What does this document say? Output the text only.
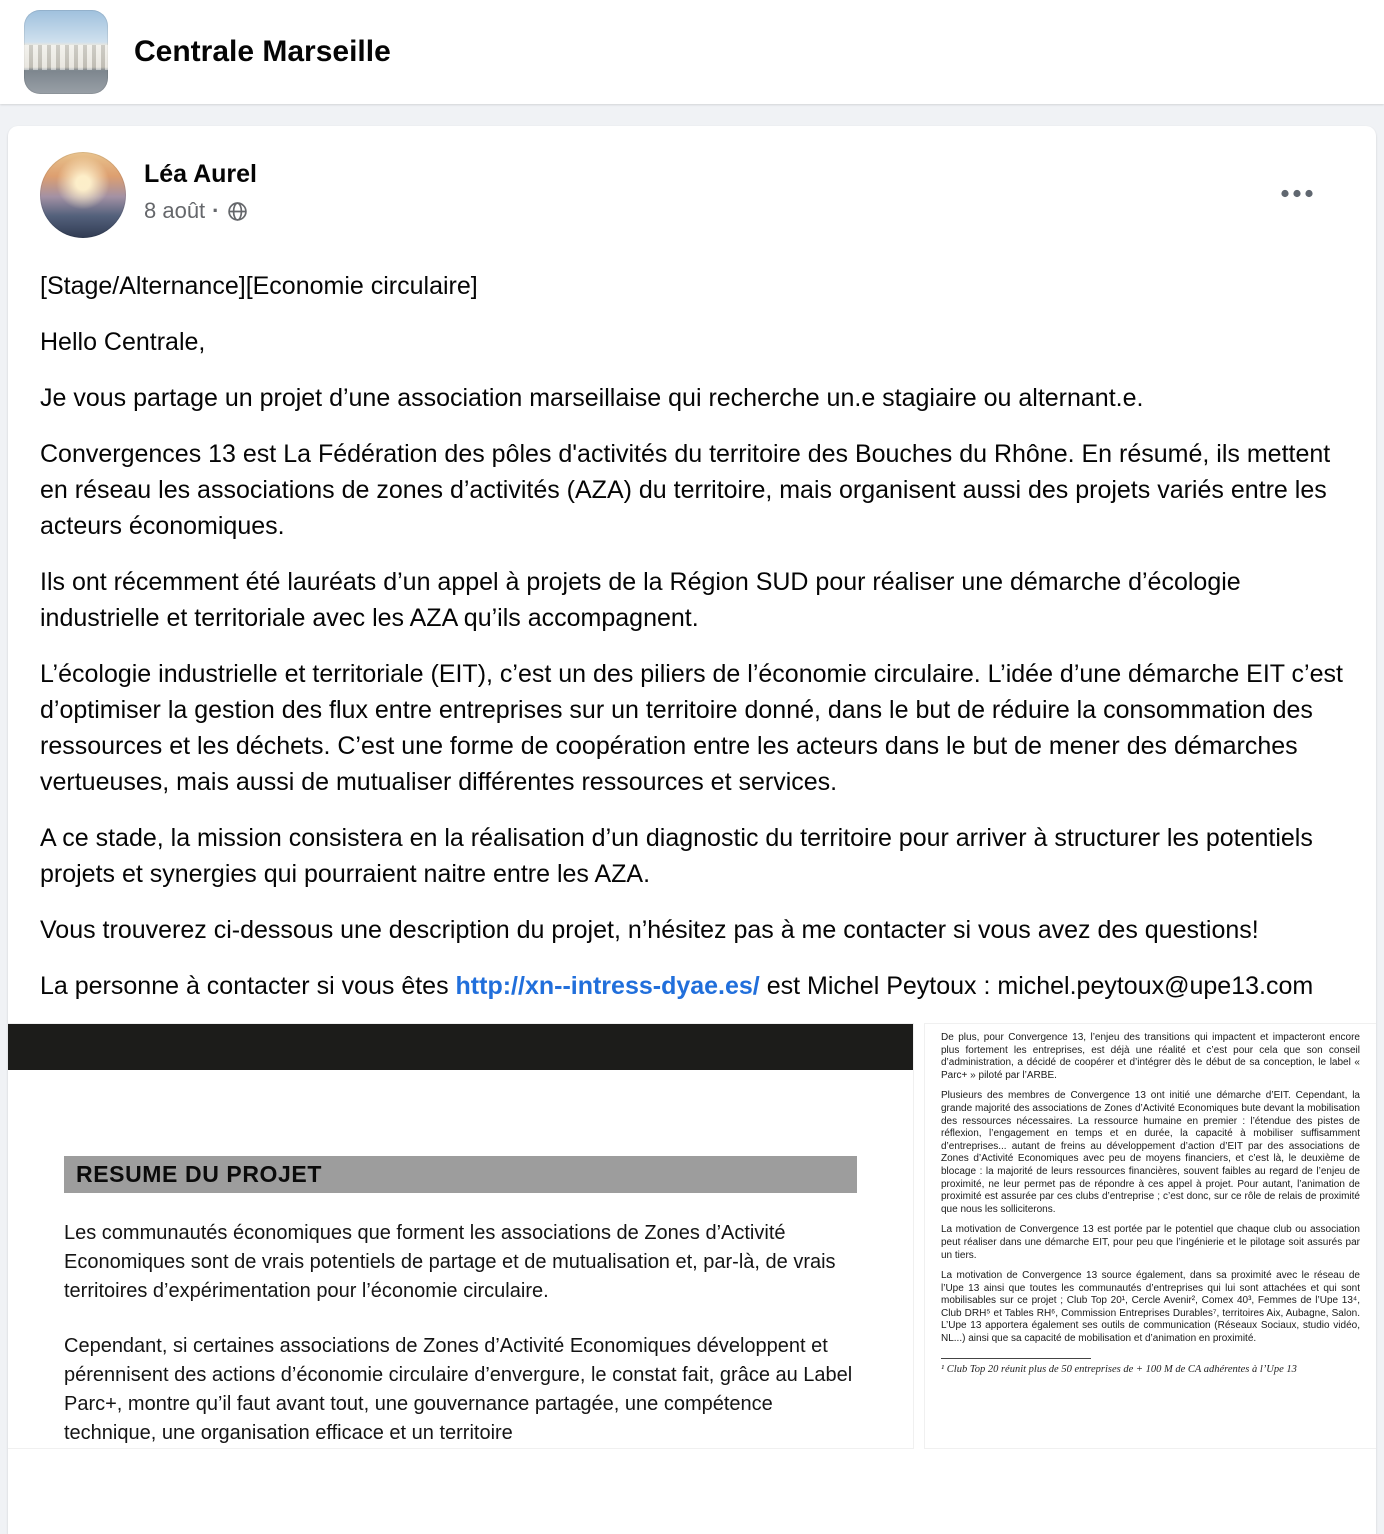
Centrale Marseille
Léa Aurel
8 août ·

[Stage/Alternance][Economie circulaire]

Hello Centrale,

Je vous partage un projet d’une association marseillaise qui recherche un.e stagiaire ou alternant.e.

Convergences 13 est La Fédération des pôles d'activités du territoire des Bouches du Rhône. En résumé, ils mettent en réseau les associations de zones d’activités (AZA) du territoire, mais organisent aussi des projets variés entre les acteurs économiques.

Ils ont récemment été lauréats d’un appel à projets de la Région SUD pour réaliser une démarche d’écologie industrielle et territoriale avec les AZA qu’ils accompagnent.

L’écologie industrielle et territoriale (EIT), c’est un des piliers de l’économie circulaire. L’idée d’une démarche EIT c’est d’optimiser la gestion des flux entre entreprises sur un territoire donné, dans le but de réduire la consommation des ressources et les déchets. C’est une forme de coopération entre les acteurs dans le but de mener des démarches vertueuses, mais aussi de mutualiser différentes ressources et services.

A ce stade, la mission consistera en la réalisation d’un diagnostic du territoire pour arriver à structurer les potentiels projets et synergies qui pourraient naitre entre les AZA.

Vous trouverez ci-dessous une description du projet, n’hésitez pas à me contacter si vous avez des questions!

La personne à contacter si vous êtes http://xn--intress-dyae.es/ est Michel Peytoux : michel.peytoux@upe13.com

RESUME DU PROJET

Les communautés économiques que forment les associations de Zones d’Activité Economiques sont de vrais potentiels de partage et de mutualisation et, par-là, de vrais territoires d’expérimentation pour l’économie circulaire.

Cependant, si certaines associations de Zones d’Activité Economiques développent et pérennisent des actions d’économie circulaire d’envergure, le constat fait, grâce au Label Parc+, montre qu’il faut avant tout, une gouvernance partagée, une compétence technique, une organisation efficace et un territoire

De plus, pour Convergence 13, l’enjeu des transitions qui impactent et impacteront encore plus fortement les entreprises, est déjà une réalité et c’est pour cela que son conseil d’administration, a décidé de coopérer et d’intégrer dès le début de sa conception, le label « Parc+ » piloté par l’ARBE.

Plusieurs des membres de Convergence 13 ont initié une démarche d’EIT. Cependant, la grande majorité des associations de Zones d’Activité Economiques bute devant la mobilisation des ressources nécessaires. La ressource humaine en premier : l’étendue des pistes de réflexion, l’engagement en temps et en durée, la capacité à mobiliser suffisamment d’entreprises... autant de freins au développement d’action d’EIT par des associations de Zones d’Activité Economiques avec peu de moyens financiers, et c’est là, le deuxième de blocage : la majorité de leurs ressources financières, souvent faibles au regard de l’enjeu de proximité, ne leur permet pas de répondre à ces appel à projet. Pour autant, l’animation de proximité est assurée par ces clubs d’entreprise ; c’est donc, sur ce rôle de relais de proximité que nous les solliciterons.

La motivation de Convergence 13 est portée par le potentiel que chaque club ou association peut réaliser dans une démarche EIT, pour peu que l’ingénierie et le pilotage soit assurés par un tiers.

La motivation de Convergence 13 source également, dans sa proximité avec le réseau de l’Upe 13 ainsi que toutes les communautés d’entreprises qui lui sont attachées et qui sont mobilisables sur ce projet ; Club Top 20¹, Cercle Avenir², Comex 40³, Femmes de l’Upe 13⁴, Club DRH⁵ et Tables RH⁶, Commission Entreprises Durables⁷, territoires Aix, Aubagne, Salon. L’Upe 13 apportera également ses outils de communication (Réseaux Sociaux, studio vidéo, NL...) ainsi que sa capacité de mobilisation et d’animation en proximité.

¹ Club Top 20 réunit plus de 50 entreprises de + 100 M de CA adhérentes à l’Upe 13
